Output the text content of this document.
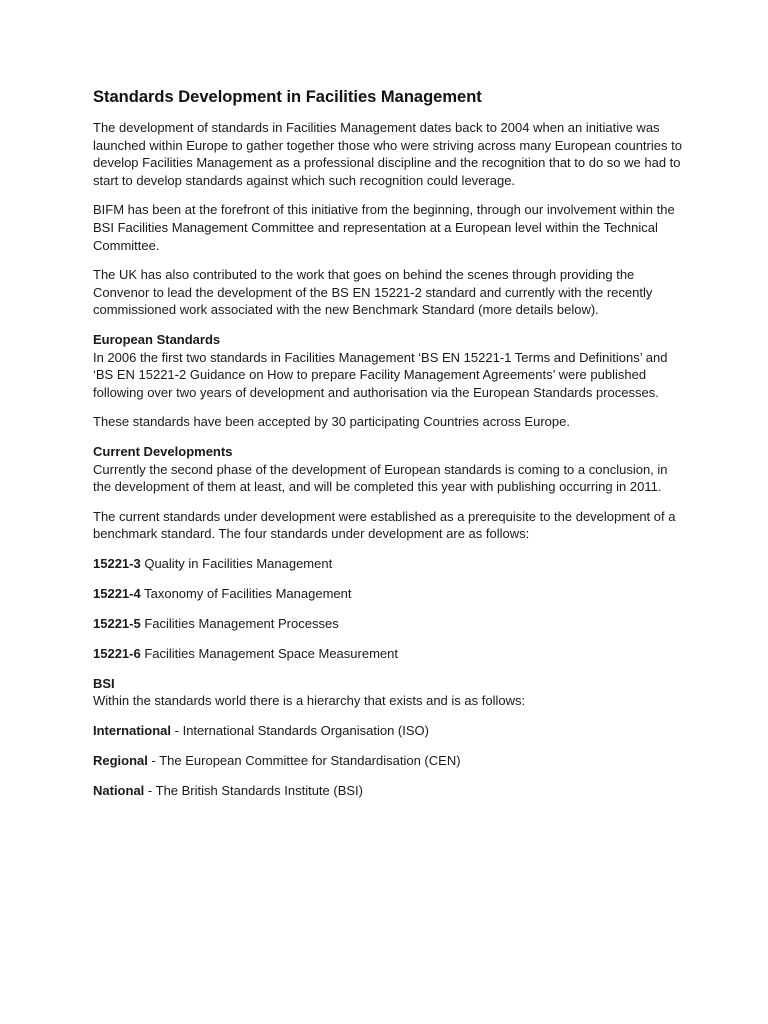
Standards Development in Facilities Management

The development of standards in Facilities Management dates back to 2004 when an initiative was launched within Europe to gather together those who were striving across many European countries to develop Facilities Management as a professional discipline and the recognition that to do so we had to start to develop standards against which such recognition could leverage.

BIFM has been at the forefront of this initiative from the beginning, through our involvement within the BSI Facilities Management Committee and representation at a European level within the Technical Committee.

The UK has also contributed to the work that goes on behind the scenes through providing the Convenor to lead the development of the BS EN 15221-2 standard and currently with the recently commissioned work associated with the new Benchmark Standard (more details below).

European Standards
In 2006 the first two standards in Facilities Management ‘BS EN 15221-1 Terms and Definitions’ and ‘BS EN 15221-2 Guidance on How to prepare Facility Management Agreements’ were published following over two years of development and authorisation via the European Standards processes.

These standards have been accepted by 30 participating Countries across Europe.

Current Developments
Currently the second phase of the development of European standards is coming to a conclusion, in the development of them at least, and will be completed this year with publishing occurring in 2011.

The current standards under development were established as a prerequisite to the development of a benchmark standard. The four standards under development are as follows:

15221-3 Quality in Facilities Management
15221-4 Taxonomy of Facilities Management
15221-5 Facilities Management Processes
15221-6 Facilities Management Space Measurement
BSI
Within the standards world there is a hierarchy that exists and is as follows:
International - International Standards Organisation (ISO)
Regional - The European Committee for Standardisation (CEN)
National - The British Standards Institute (BSI)
